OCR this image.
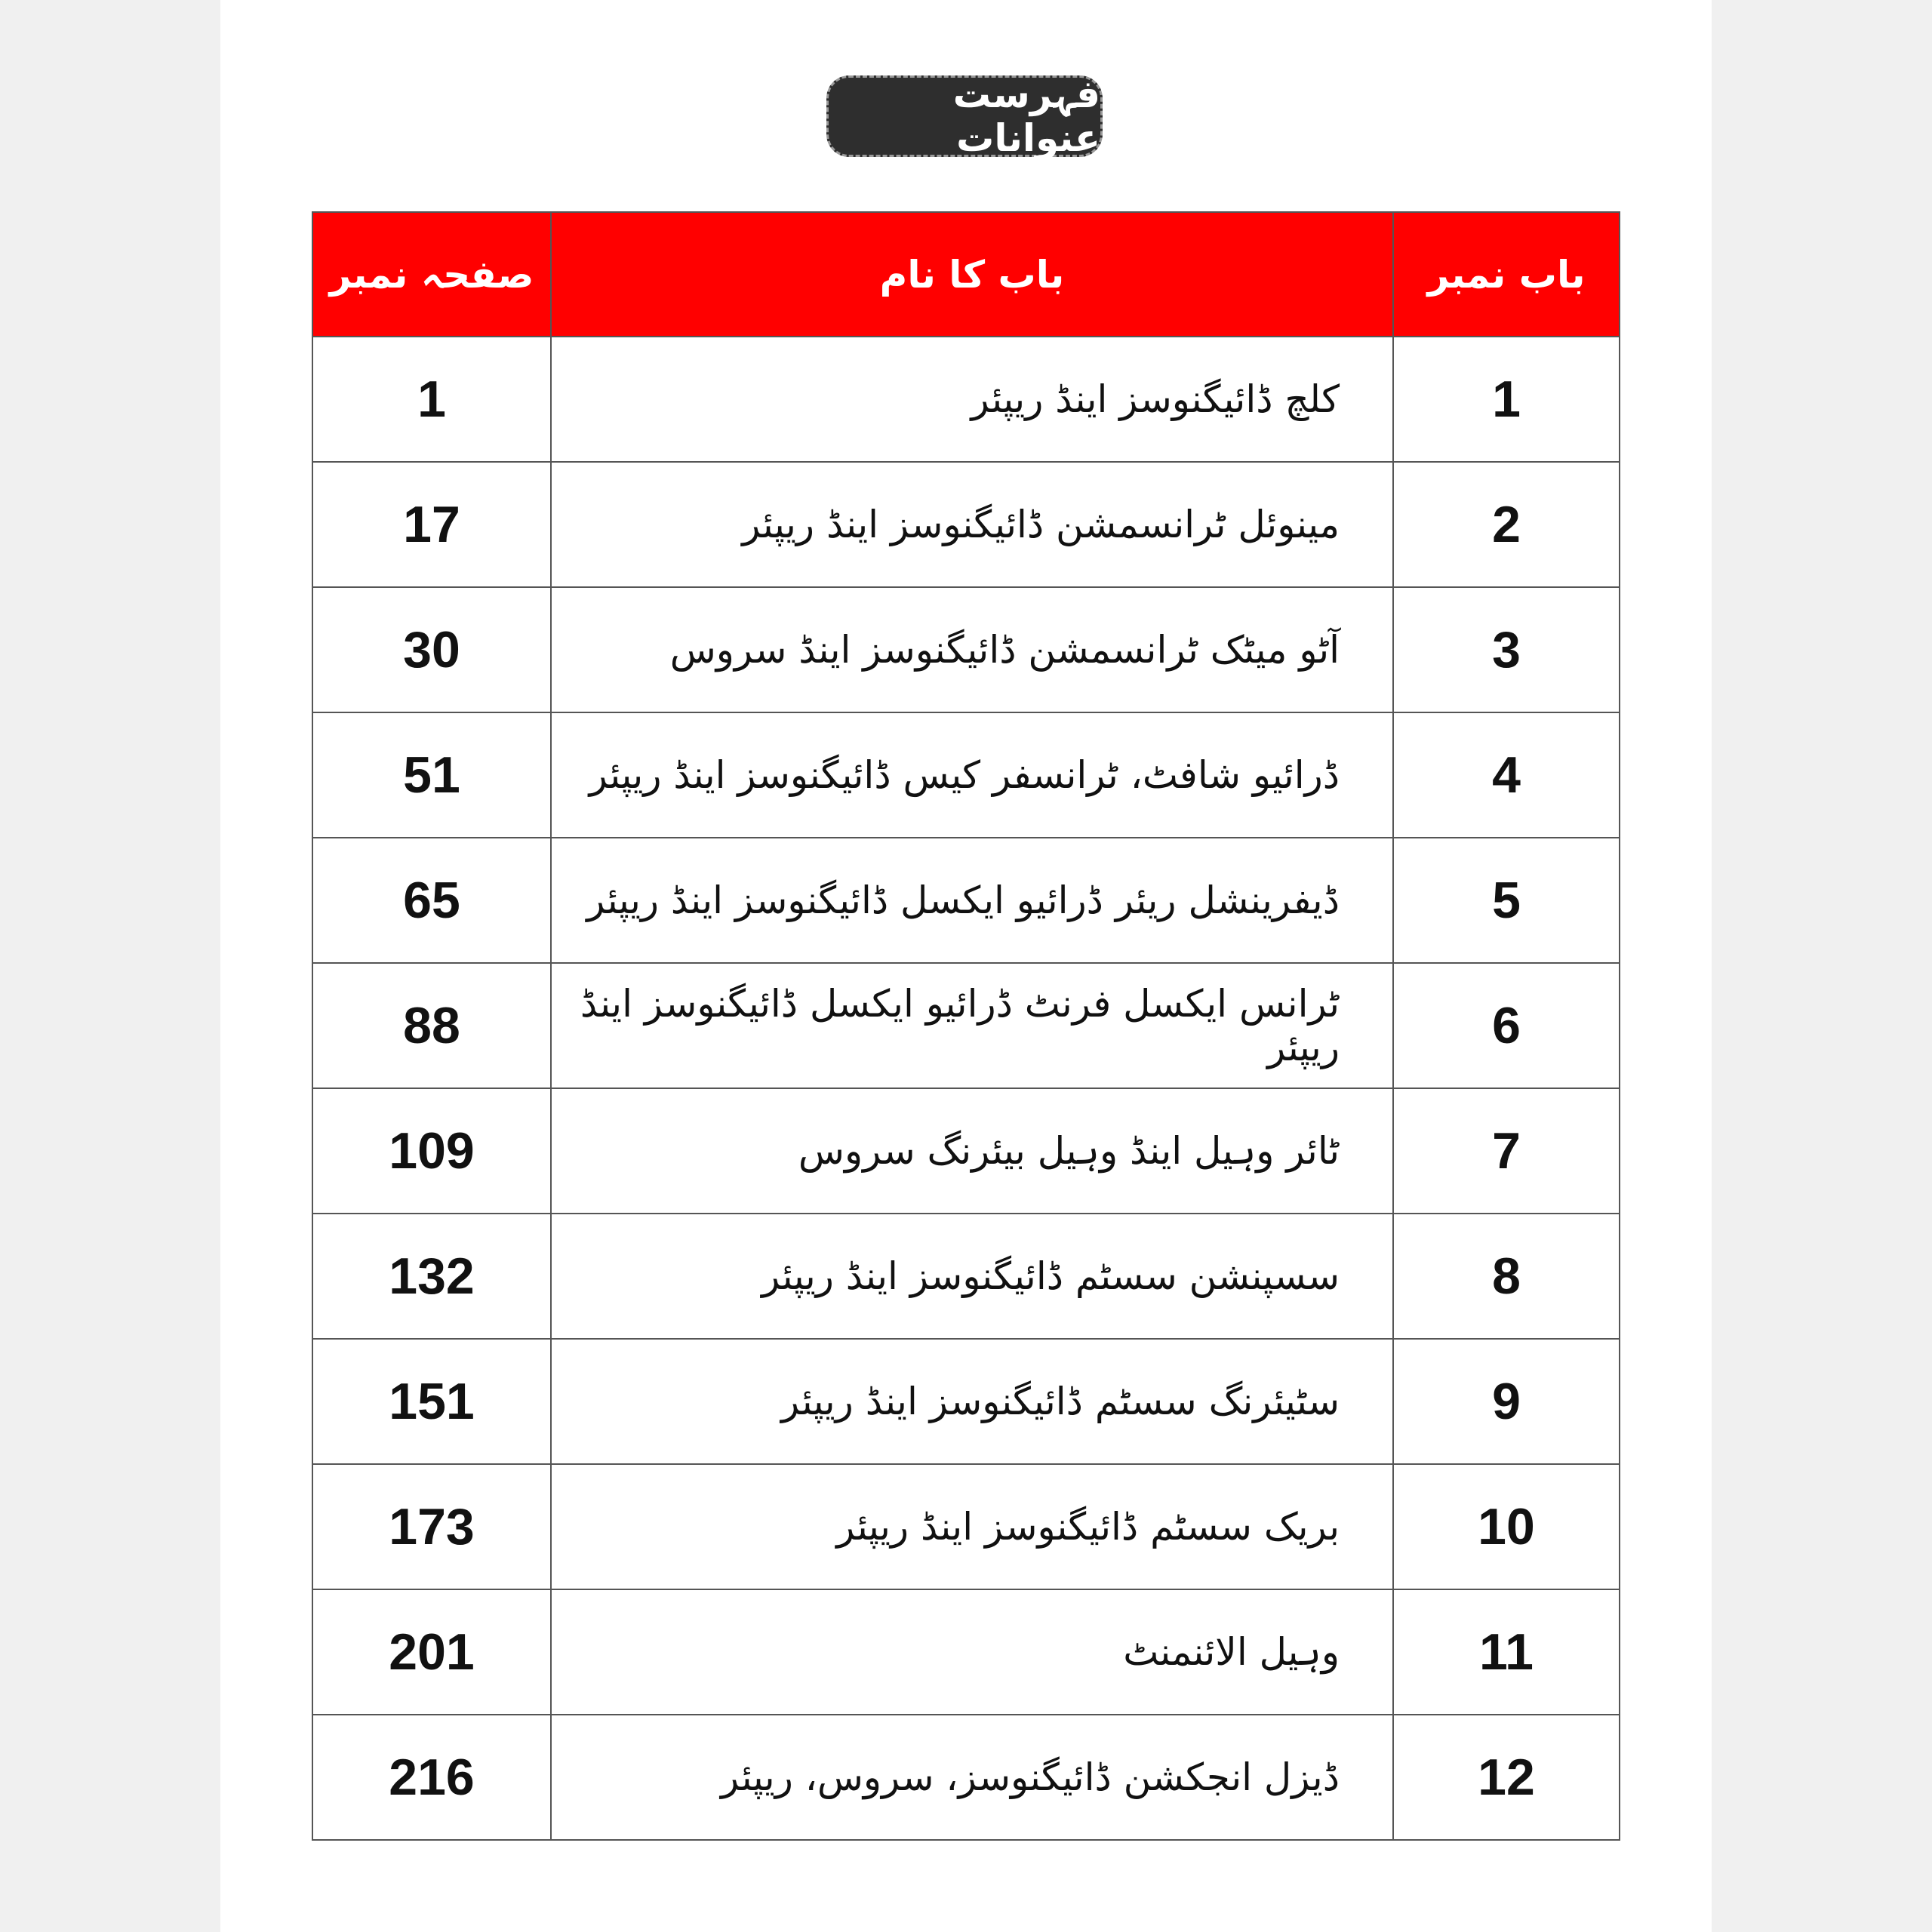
فہرست عنوانات
باب نمبر	باب کا نام	صفحہ نمبر
1	کلچ ڈائیگنوسز اینڈ ریپئر	1
2	مینوئل ٹرانسمشن ڈائیگنوسز اینڈ ریپئر	17
3	آٹو میٹک ٹرانسمشن ڈائیگنوسز اینڈ سروس	30
4	ڈرائیو شافٹ، ٹرانسفر کیس ڈائیگنوسز اینڈ ریپئر	51
5	ڈیفرینشل ریئر ڈرائیو ایکسل ڈائیگنوسز اینڈ ریپئر	65
6	ٹرانس ایکسل فرنٹ ڈرائیو ایکسل ڈائیگنوسز اینڈ ریپئر	88
7	ٹائر وہیل اینڈ وہیل بیئرنگ سروس	109
8	سسپنشن سسٹم ڈائیگنوسز اینڈ ریپئر	132
9	سٹیئرنگ سسٹم ڈائیگنوسز اینڈ ریپئر	151
10	بریک سسٹم ڈائیگنوسز اینڈ ریپئر	173
11	وہیل الائنمنٹ	201
12	ڈیزل انجکشن ڈائیگنوسز، سروس، ریپئر	216
